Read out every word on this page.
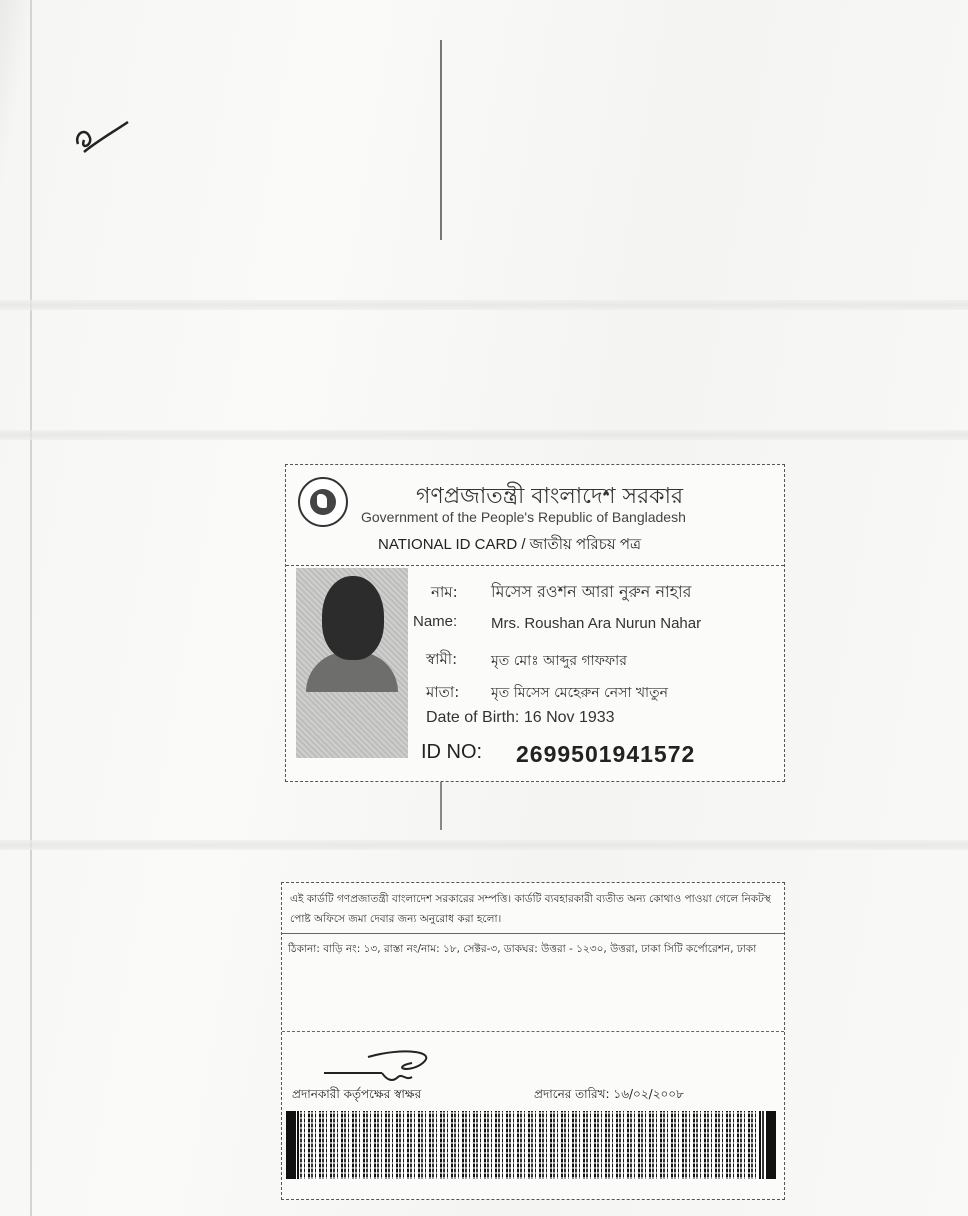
গণপ্রজাতন্ত্রী বাংলাদেশ সরকার
Government of the People's Republic of Bangladesh
NATIONAL ID CARD / জাতীয় পরিচয় পত্র
নাম: মিসেস রওশন আরা নুরুন নাহার
Name: Mrs. Roushan Ara Nurun Nahar
স্বামী: মৃত মোঃ আব্দুর গাফফার
মাতা: মৃত মিসেস মেহেরুন নেসা খাতুন
Date of Birth: 16 Nov 1933
ID NO: 2699501941572
এই কার্ডটি গণপ্রজাতন্ত্রী বাংলাদেশ সরকারের সম্পত্তি। কার্ডটি ব্যবহারকারী ব্যতীত অন্য কোথাও পাওয়া গেলে নিকটস্থ পোষ্ট অফিসে জমা দেবার জন্য অনুরোধ করা হলো।
ঠিকানা: বাড়ি নং: ১৩, রাস্তা নং/নাম: ১৮, সেক্টর-৩, ডাকঘর: উত্তরা - ১২৩০, উত্তরা, ঢাকা সিটি কর্পোরেশন, ঢাকা
প্রদানকারী কর্তৃপক্ষের স্বাক্ষর	প্রদানের তারিখ: ১৬/০২/২০০৮
